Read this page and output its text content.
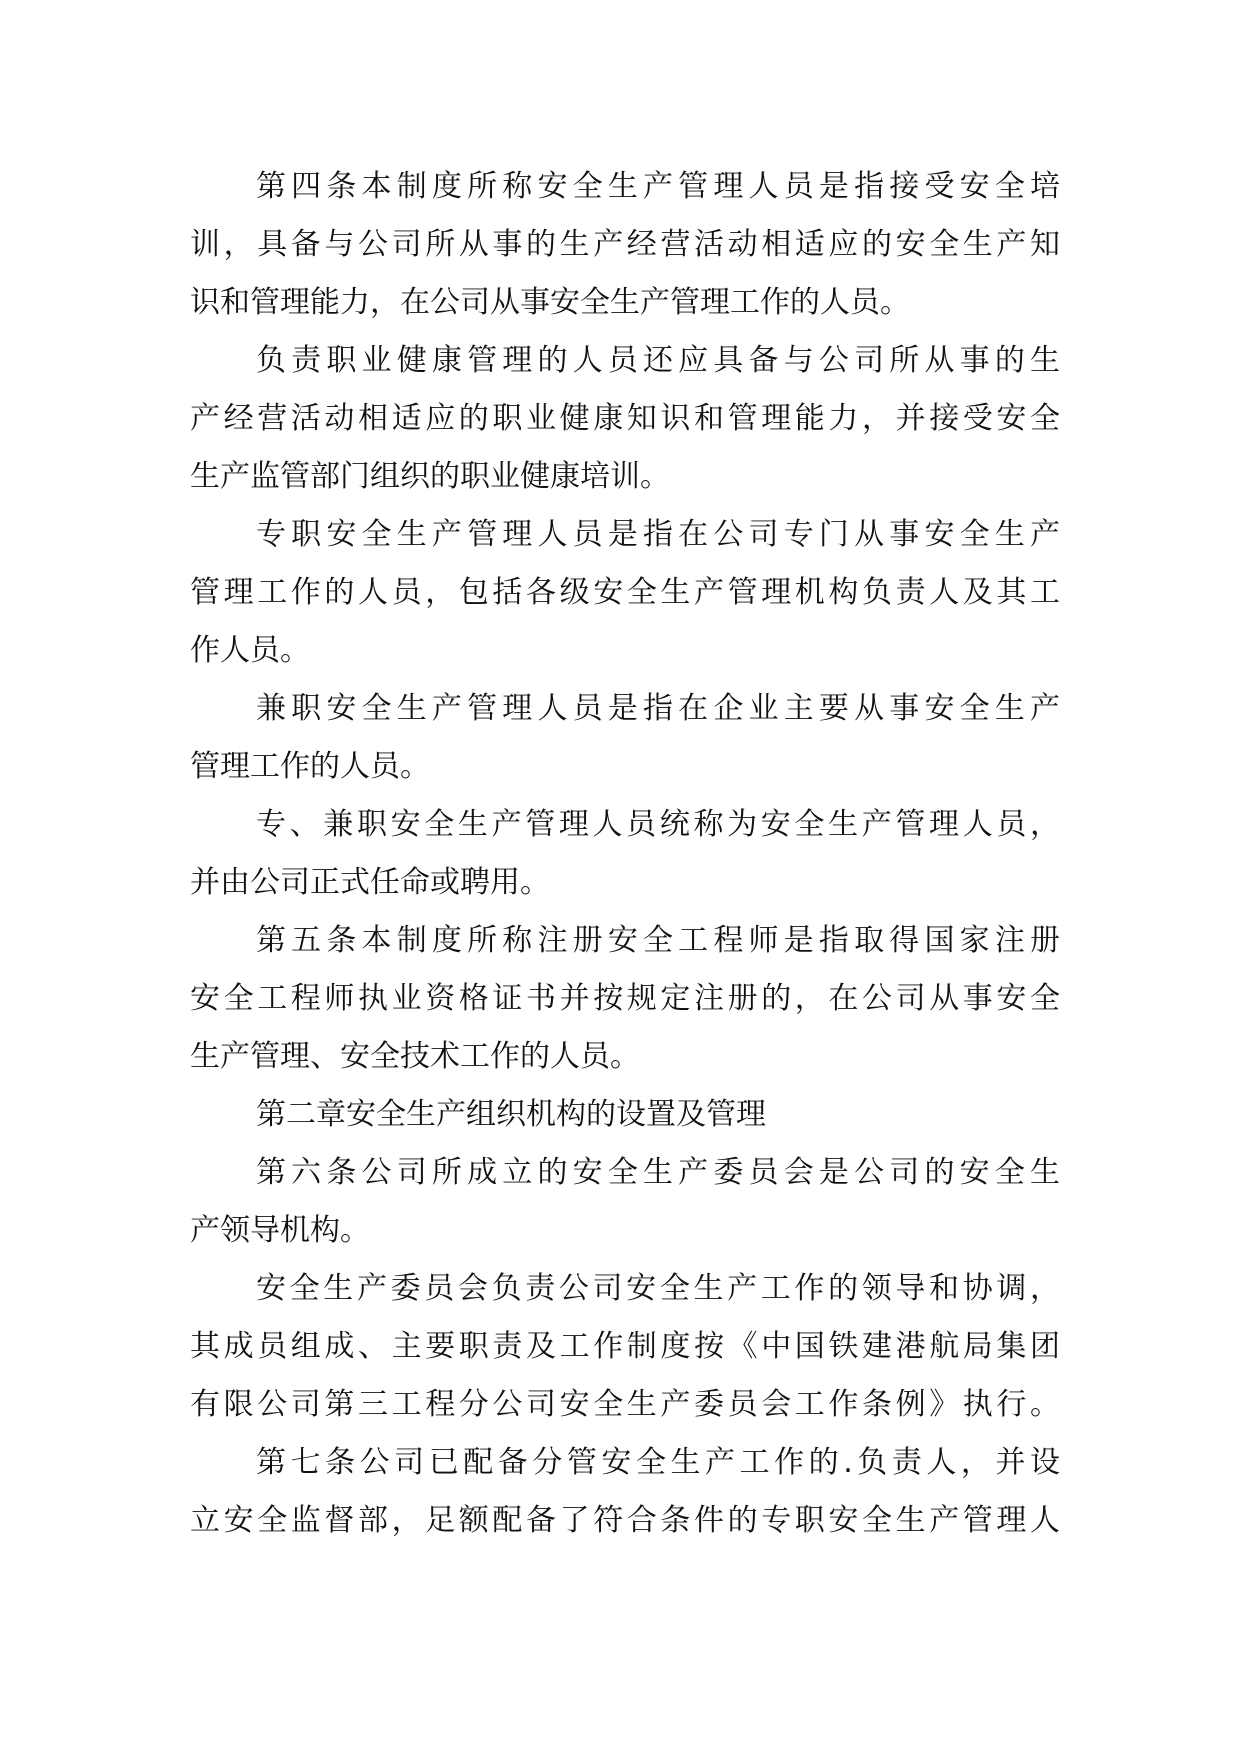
第四条本制度所称安全生产管理人员是指接受安全培
训，具备与公司所从事的生产经营活动相适应的安全生产知
识和管理能力，在公司从事安全生产管理工作的人员。
负责职业健康管理的人员还应具备与公司所从事的生
产经营活动相适应的职业健康知识和管理能力，并接受安全
生产监管部门组织的职业健康培训。
专职安全生产管理人员是指在公司专门从事安全生产
管理工作的人员，包括各级安全生产管理机构负责人及其工
作人员。
兼职安全生产管理人员是指在企业主要从事安全生产
管理工作的人员。
专、兼职安全生产管理人员统称为安全生产管理人员，
并由公司正式任命或聘用。
第五条本制度所称注册安全工程师是指取得国家注册
安全工程师执业资格证书并按规定注册的，在公司从事安全
生产管理、安全技术工作的人员。
第二章安全生产组织机构的设置及管理
第六条公司所成立的安全生产委员会是公司的安全生
产领导机构。
安全生产委员会负责公司安全生产工作的领导和协调，
其成员组成、主要职责及工作制度按《中国铁建港航局集团
有限公司第三工程分公司安全生产委员会工作条例》执行。
第七条公司已配备分管安全生产工作的.负责人，并设
立安全监督部，足额配备了符合条件的专职安全生产管理人
